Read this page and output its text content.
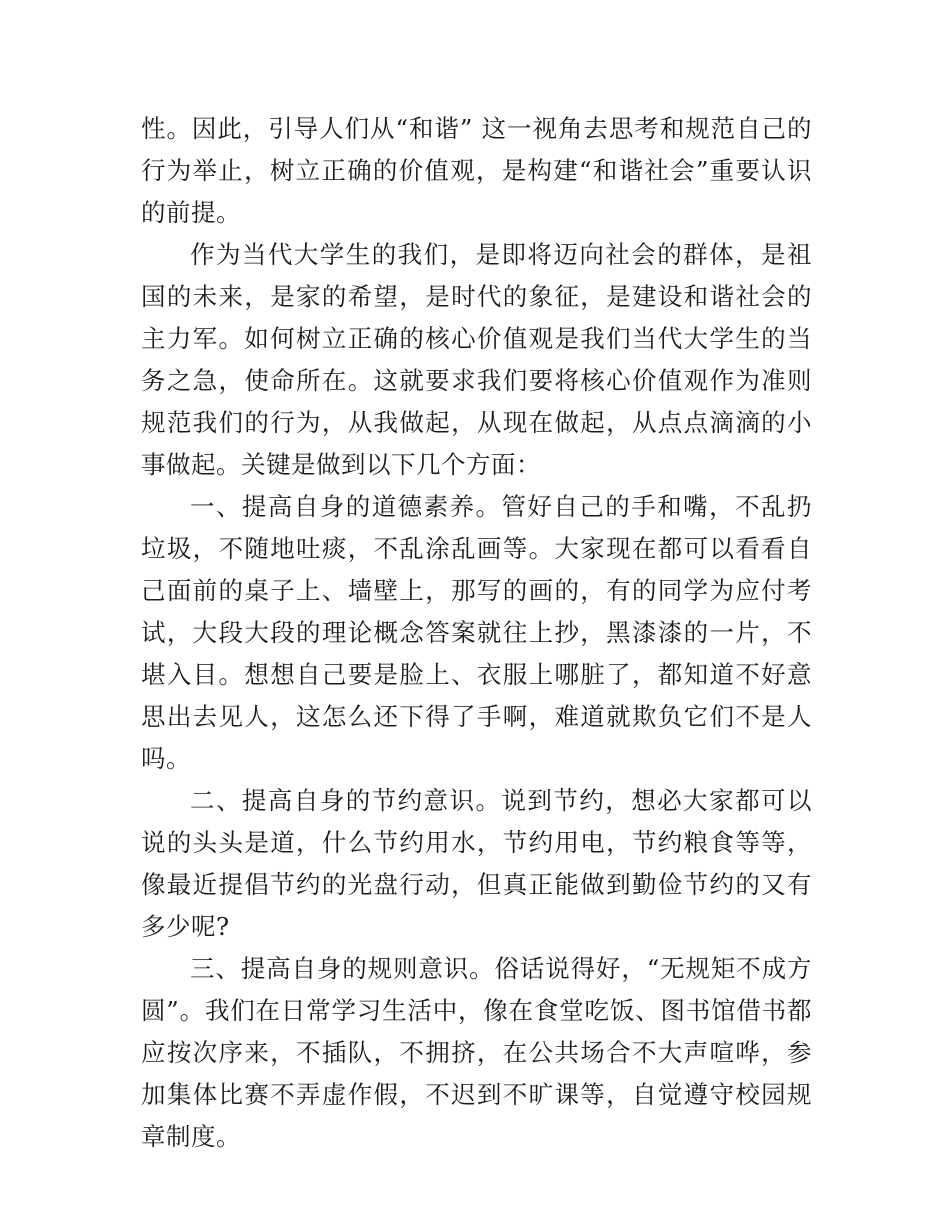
性。因此，引导人们从“和谐” 这一视角去思考和规范自己的行为举止，树立正确的价值观，是构建“和谐社会”重要认识的前提。

作为当代大学生的我们，是即将迈向社会的群体，是祖国的未来，是家的希望，是时代的象征，是建设和谐社会的主力军。如何树立正确的核心价值观是我们当代大学生的当务之急，使命所在。这就要求我们要将核心价值观作为准则规范我们的行为，从我做起，从现在做起，从点点滴滴的小事做起。关键是做到以下几个方面：

一、提高自身的道德素养。管好自己的手和嘴，不乱扔垃圾，不随地吐痰，不乱涂乱画等。大家现在都可以看看自己面前的桌子上、墙壁上，那写的画的，有的同学为应付考试，大段大段的理论概念答案就往上抄，黑漆漆的一片，不堪入目。想想自己要是脸上、衣服上哪脏了，都知道不好意思出去见人，这怎么还下得了手啊，难道就欺负它们不是人吗。

二、提高自身的节约意识。说到节约，想必大家都可以说的头头是道，什么节约用水，节约用电，节约粮食等等，像最近提倡节约的光盘行动，但真正能做到勤俭节约的又有多少呢?

三、提高自身的规则意识。俗话说得好，“无规矩不成方圆”。我们在日常学习生活中，像在食堂吃饭、图书馆借书都应按次序来，不插队，不拥挤，在公共场合不大声喧哗，参加集体比赛不弄虚作假，不迟到不旷课等，自觉遵守校园规章制度。
